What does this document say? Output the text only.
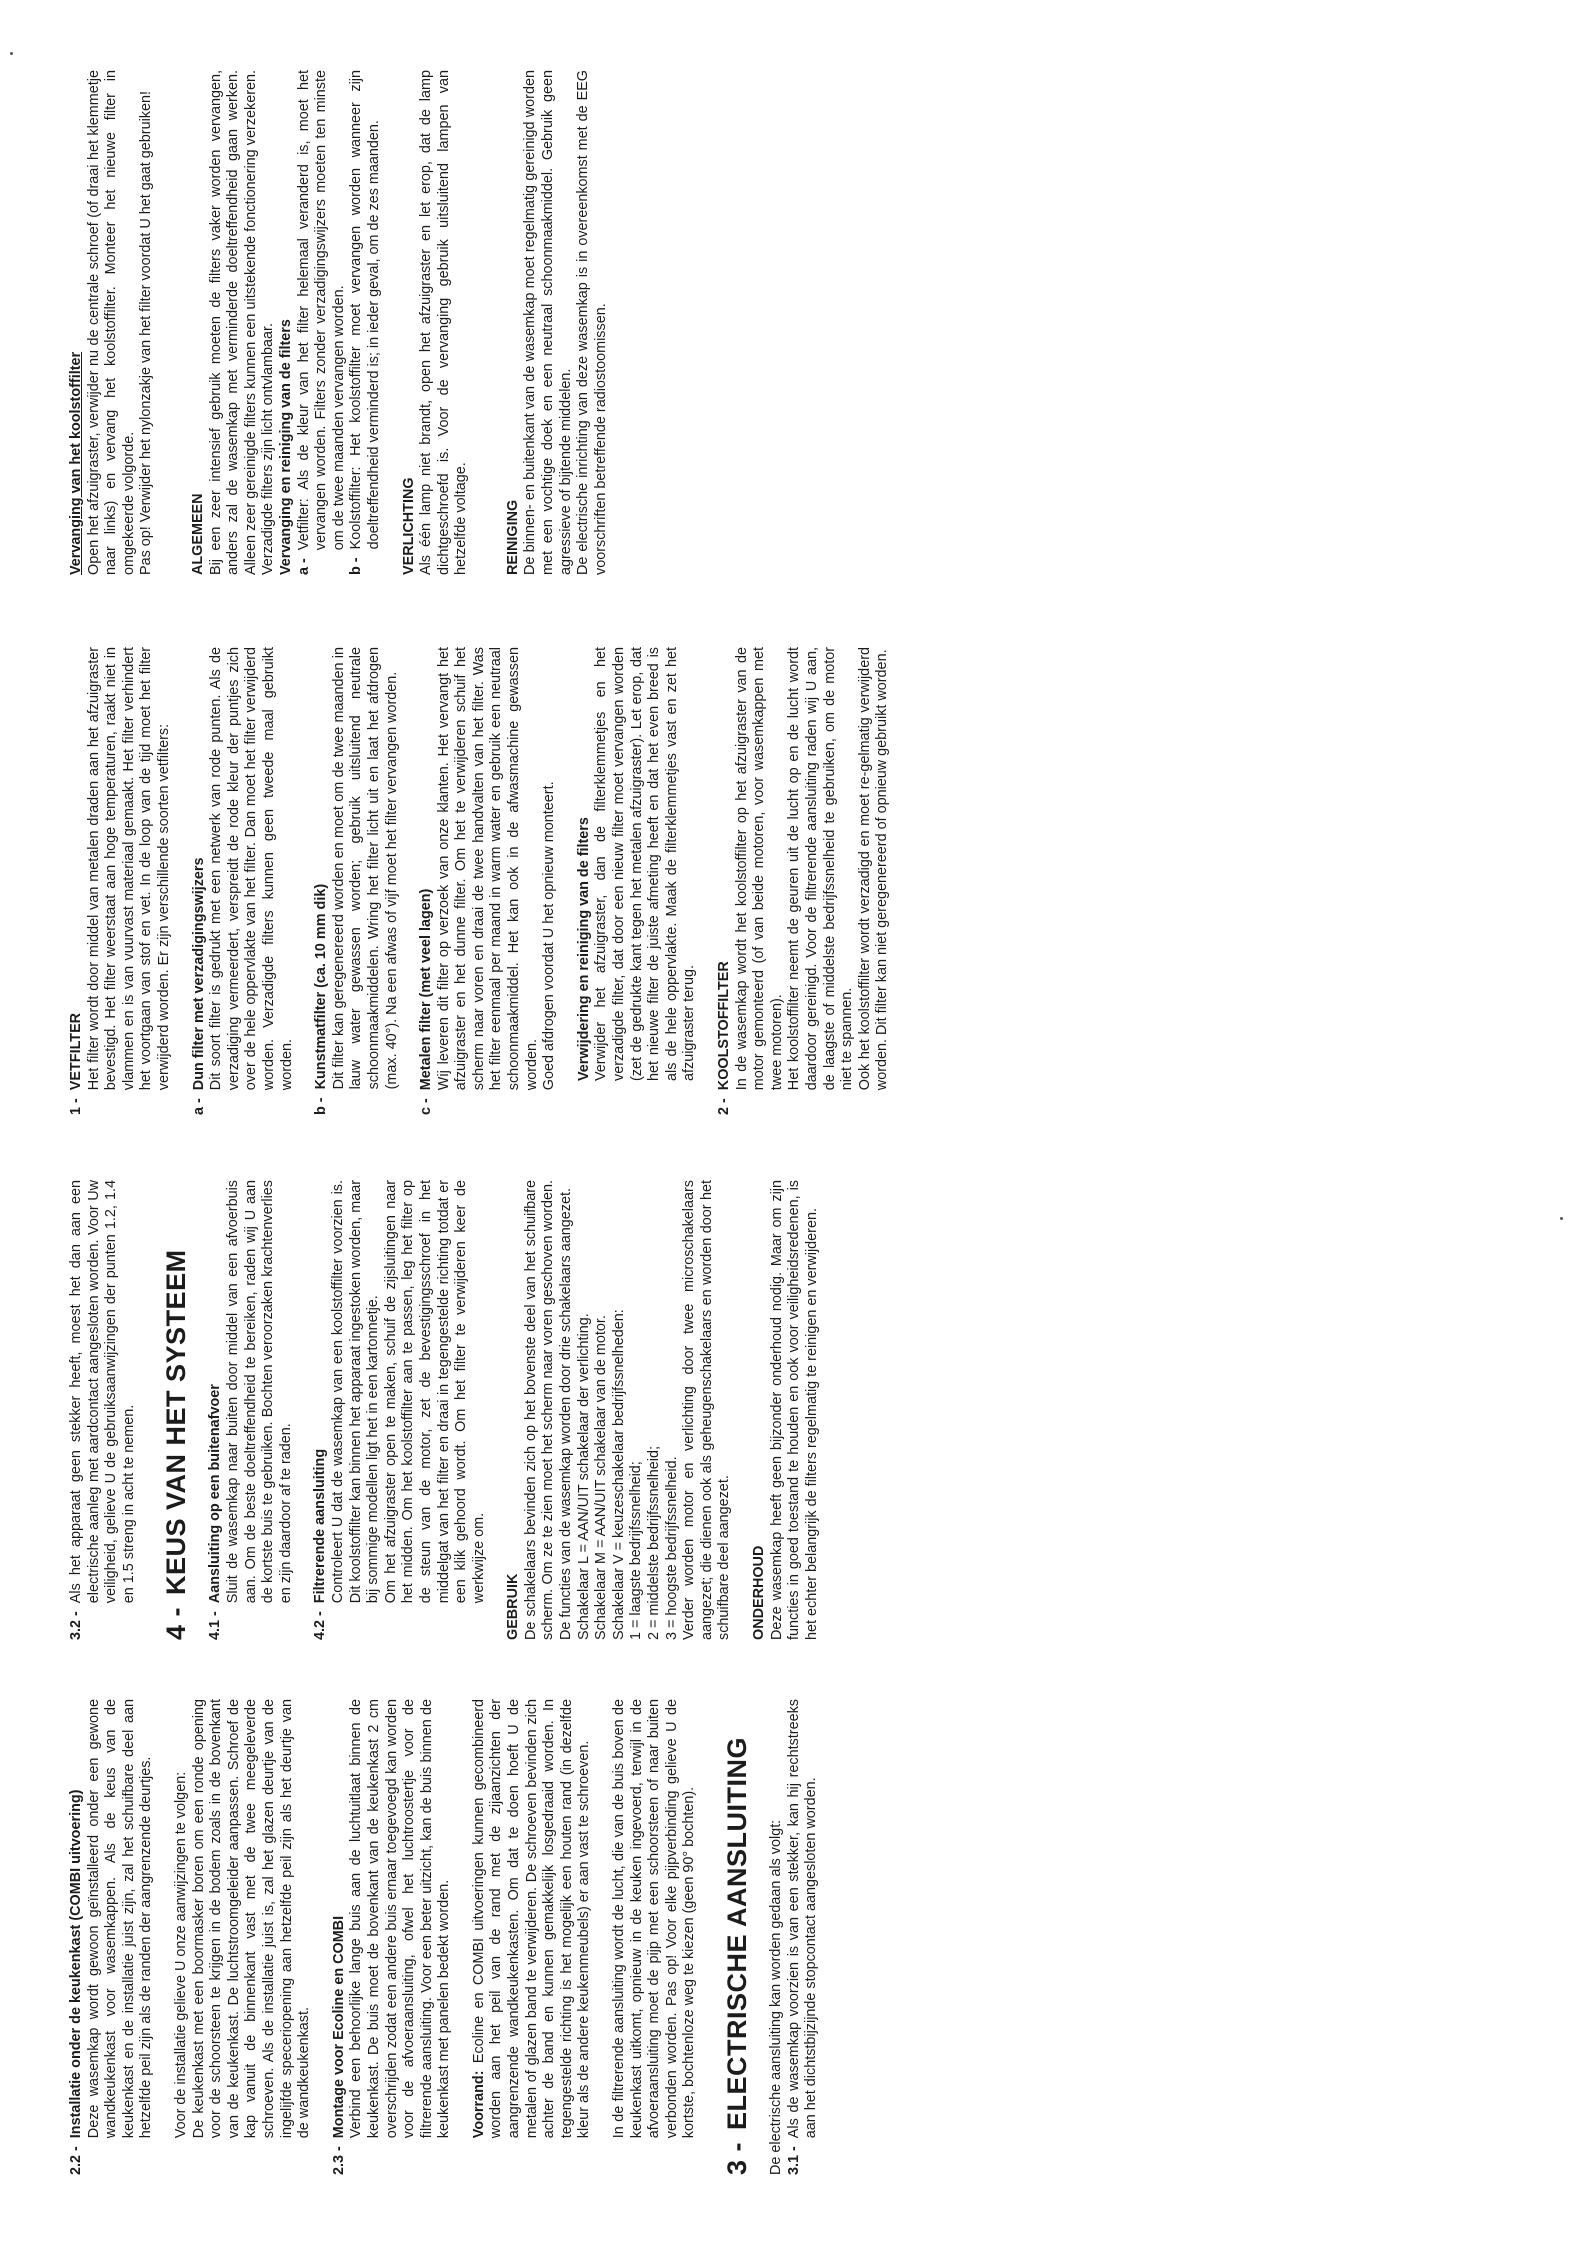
2.2 -
Installatie onder de keukenkast (COMBI uitvoering) Deze wasemkap wordt gewoon geïnstalleerd onder een gewone wandkeukenkast voor wasemkappen. Als de keus van de keukenkast en de installatie juist zijn, zal het schuifbare deel aan hetzelfde peil zijn als de randen der aangrenzende deurtjes. Voor de installatie gelieve U onze aanwijzingen te volgen: De keukenkast met een boormasker boren om een ronde opening voor de schoorsteen te krijgen in de bodem zoals in de bovenkant van de keukenkast. De luchtstroomgeleider aanpassen. Schroef de kap vanuit de binnenkant vast met de twee meegeleverde schroeven. Als de installatie juist is, zal het glazen deurtje van de ingelijfde speceriopening aan hetzelfde peil zijn als het deurtje van de wandkeukenkast.

2.3 -
Montage voor Ecoline en COMBI Verbind een behoorlijke lange buis aan de luchtuitlaat binnen de keukenkast. De buis moet de bovenkant van de keukenkast 2 cm overschrijden zodat een andere buis ernaar toegevoegd kan worden voor de afvoeraansluiting, ofwel het luchtroostertje voor de filtrerende aansluiting. Voor een beter uitzicht, kan de buis binnen de keukenkast met panelen bedekt worden. Voorrand: Ecoline en COMBI uitvoeringen kunnen gecombineerd worden aan het peil van de rand met de zijaanzichten der aangrenzende wandkeukenkasten. Om dat te doen hoeft U de metalen of glazen band te verwijderen. De schroeven bevinden zich achter de band en kunnen gemakkelijk losgedraaid worden. In tegengestelde richting is het mogelijk een houten rand (in dezelfde kleur als de andere keukenmeubels) er aan vast te schroeven. In de filtrerende aansluiting wordt de lucht, die van de buis boven de keukenkast uitkomt, opnieuw in de keuken ingevoerd, terwijl in de afvoeraansluiting moet de pijp met een schoorsteen of naar buiten verbonden worden. Pas op! Voor elke pijpverbinding gelieve U de kortste, bochtenloze weg te kiezen (geen 90° bochten).

3 -
ELECTRISCHE AANSLUITING De electrische aansluiting kan worden gedaan als volgt: 3.1 -
Als de wasemkap voorzien is van een stekker, kan hij rechtstreeks aan het dichtstbijzijnde stopcontact aangesloten worden.
3.2 -

Als het apparaat geen stekker heeft, moest het dan aan een electrische aanleg met aardcontact aangesloten worden. Voor Uw veiligheid, gelieve U de gebruiksaanwijzingen der punten 1.2, 1.4 en 1.5 streng in acht te nemen.

4 -
KEUS VAN HET SYSTEEM
4.1 -
Aansluiting op een buitenafvoer Sluit de wasemkap naar buiten door middel van een afvoerbuis aan. Om de beste doeltreffendheid te bereiken, raden wij U aan de kortste buis te gebruiken. Bochten veroorzaken krachtenverlies en zijn daardoor af te raden.

4.2 -
Filtrerende aansluiting Controleert U dat de wasemkap van een koolstoffilter voorzien is. Dit koolstoffilter kan binnen het apparaat ingestoken worden, maar bij sommige modellen ligt het in een kartonnetje. Om het afzuigraster open te maken, schuif de zijsluitingen naar het midden. Om het koolstoffilter aan te passen, leg het filter op de steun van de motor, zet de bevestigingsschroef in het middelgat van het filter en draai in tegengestelde richting totdat er een klik gehoord wordt. Om het filter te verwijderen keer de werkwijze om.

GEBRUIK De schakelaars bevinden zich op het bovenste deel van het schuifbare scherm. Om ze te zien moet het scherm naar voren geschoven worden. De functies van de wasemkap worden door drie schakelaars aangezet. Schakelaar L = AAN/UIT schakelaar der verlichting. Schakelaar M = AAN/UIT schakelaar van de motor. Schakelaar V = keuzeschakelaar bedrijfssnelheden: 1 = laagste bedrijfssnelheid; 2 = middelste bedrijfssnelheid; 3 = hoogste bedrijfssnelheid. Verder worden motor en verlichting door twee microschakelaars aangezet; die dienen ook als geheugenschakelaars en worden door het schuifbare deel aangezet. ONDERHOUD Deze wasemkap heeft geen bijzonder onderhoud nodig. Maar om zijn functies in goed toestand te houden en ook voor veiligheidsredenen, is het echter belangrijk de filters regelmatig te reinigen en verwijderen.

1 -
VETFILTER Het filter wordt door middel van metalen draden aan het afzuigraster bevestigd. Het filter weerstaat aan hoge temperaturen, raakt niet in vlammen en is van vuurvast materiaal gemaakt. Het filter verhindert het voortgaan van stof en vet. In de loop van de tijd moet het filter verwijderd worden. Er zijn verschillende soorten vetfilters:

a -
Dun filter met verzadigingswijzers Dit soort filter is gedrukt met een netwerk van rode punten. Als de verzadiging vermeerdert, verspreidt de rode kleur der puntjes zich over de hele oppervlakte van het filter. Dan moet het filter verwijderd worden. Verzadigde filters kunnen geen tweede maal gebruikt worden.

b -
Kunstmatfilter (ca. 10 mm dik) Dit filter kan geregenereerd worden en moet om de twee maanden in lauw water gewassen worden; gebruik uitsluitend neutrale schoonmaakmiddelen. Wring het filter licht uit en laat het afdrogen (max. 40°). Na een afwas of vijf moet het filter vervangen worden.

c -
Metalen filter (met veel lagen) Wij leveren dit filter op verzoek van onze klanten. Het vervangt het afzuigraster en het dunne filter. Om het te verwijderen schuif het scherm naar voren en draai de twee handvalten van het filter. Was het filter eenmaal per maand in warm water en gebruik een neutraal schoonmaakmiddel. Het kan ook in de afwasmachine gewassen worden. Goed afdrogen voordat U het opnieuw monteert. Verwijdering en reiniging van de filters Verwijder het afzuigraster, dan de filterklemmetjes en het verzadigde filter, dat door een nieuw filter moet vervangen worden (zet de gedrukte kant tegen het metalen afzuigraster). Let erop, dat het nieuwe filter de juiste afmeting heeft en dat het even breed is als de hele oppervlakte. Maak de filterklemmetjes vast en zet het afzuigraster terug.

2 -
KOOLSTOFFILTER In de wasemkap wordt het koolstoffilter op het afzuigraster van de motor gemonteerd (of van beide motoren, voor wasemkappen met twee motoren). Het koolstoffilter neemt de geuren uit de lucht op en de lucht wordt daardoor gereinigd. Voor de filtrerende aansluiting raden wij U aan, de laagste of middelste bedrijfssnelheid te gebruiken, om de motor niet te spannen. Ook het koolstoffilter wordt verzadigd en moet re-gelmatig verwijderd worden. Dit filter kan niet geregenereerd of opnieuw gebruikt worden.
Vervanging van het koolstoffilter Open het afzuigraster, verwijder nu de centrale schroef (of draai het klemmetje naar links) en vervang het koolstoffilter. Monteer het nieuwe filter in omgekeerde volgorde. Pas op! Verwijder het nylonzakje van het filter voordat U het gaat gebruiken! ALGEMEEN Bij een zeer intensief gebruik moeten de filters vaker worden vervangen, anders zal de wasemkap met verminderde doeltreffendheid gaan werken. Alleen zeer gereinigde filters kunnen een uitstekende fonctionering verzekeren. Verzadigde filters zijn licht ontvlambaar. Vervanging en reiniging van de filters a -
Vetfilter: Als de kleur van het filter helemaal veranderd is, moet het vervangen worden. Filters zonder verzadigingswijzers moeten ten minste om de twee maanden vervangen worden.
b -
Koolstoffilter: Het koolstoffilter moet vervangen worden wanneer zijn doeltreffendheid verminderd is; in ieder geval, om de zes maanden. VERLICHTING Als één lamp niet brandt, open het afzuigraster en let erop, dat de lamp dichtgeschroefd is. Voor de vervanging gebruik uitsluitend lampen van hetzelfde voltage. REINIGING De binnen- en buitenkant van de wasemkap moet regelmatig gereinigd worden met een vochtige doek en een neutraal schoonmaakmiddel. Gebruik geen agressieve of bijtende middelen. De electrische inrichting van deze wasemkap is in overeenkomst met de EEG voorschriften betreffende radiostoomissen.
